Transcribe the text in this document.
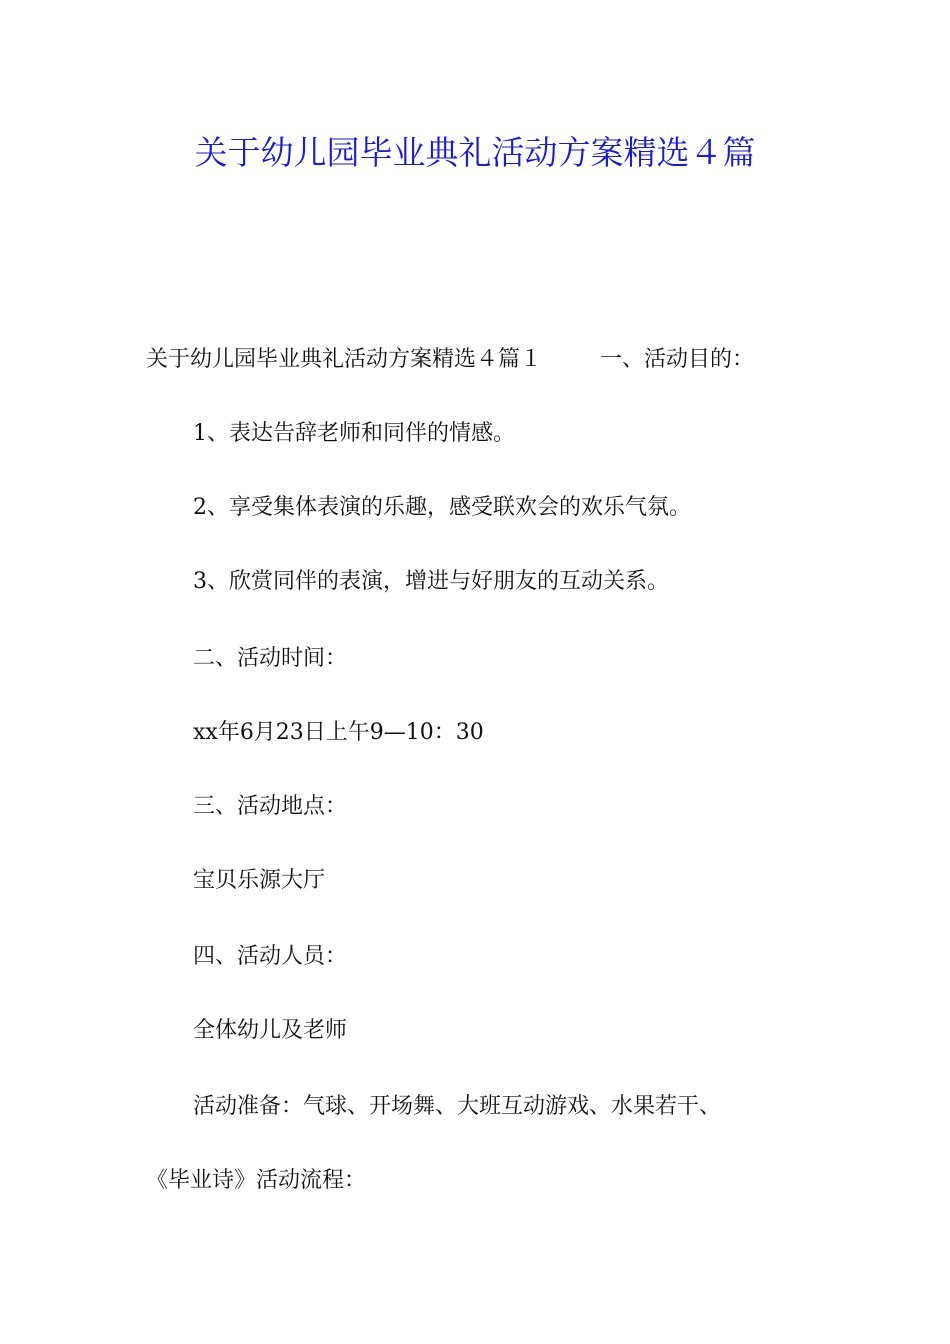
关于幼儿园毕业典礼活动方案精选４篇

关于幼儿园毕业典礼活动方案精选４篇１	一、活动目的：

1、表达告辞老师和同伴的情感。

2、享受集体表演的乐趣，感受联欢会的欢乐气氛。

3、欣赏同伴的表演，增进与好朋友的互动关系。

二、活动时间：

xx年6月23日上午9—10：30

三、活动地点：

宝贝乐源大厅

四、活动人员：

全体幼儿及老师

活动准备：气球、开场舞、大班互动游戏、水果若干、

《毕业诗》活动流程：
